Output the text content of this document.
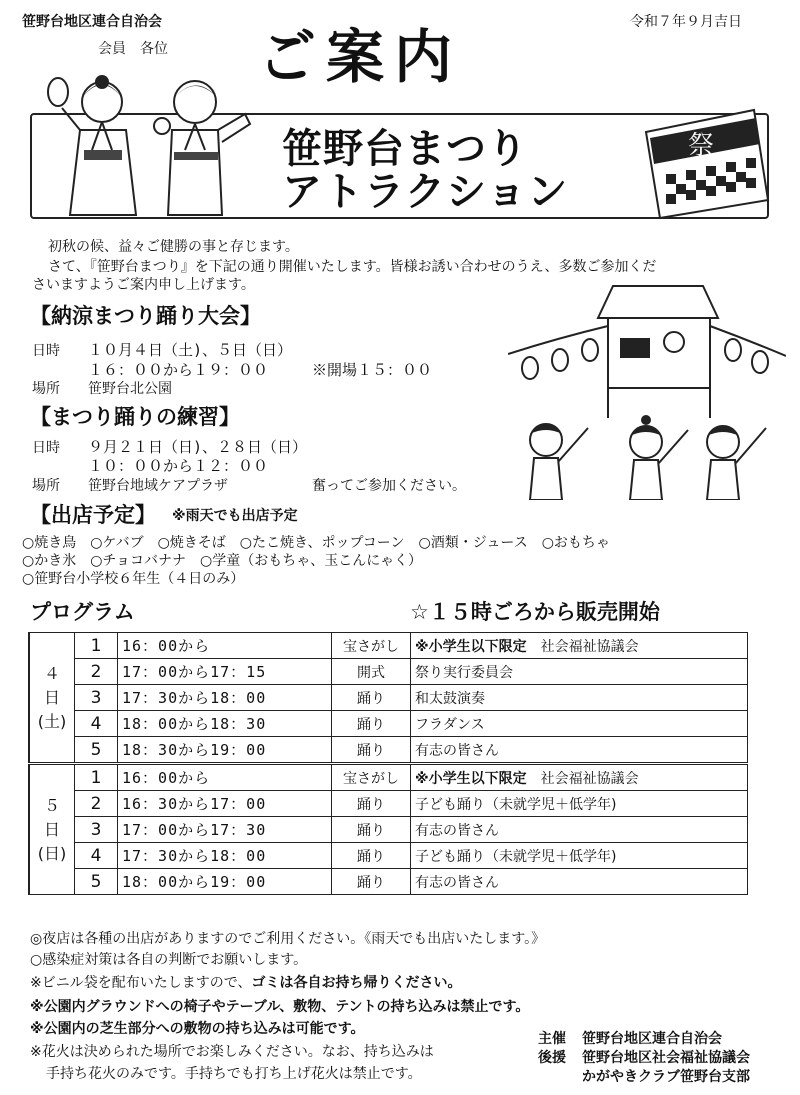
笹野台地区連合自治会
会員　各位
令和７年９月吉日
ご案内
笹野台まつり
アトラクション
祭
初秋の候、益々ご健勝の事と存じます。
さて、『笹野台まつり』を下記の通り開催いたします。皆様お誘い合わせのうえ、多数ご参加くだ
さいますようご案内申し上げます。
【納涼まつり踊り大会】
日時 １０月４日（土)、５日（日）
１６：００から１９：００	※開場１５：００
場所 笹野台北公園
【まつり踊りの練習】
日時 ９月２１日（日)、２８日（日）
１０：００から１２：００
場所 笹野台地域ケアプラザ	奮ってご参加ください。
【出店予定】 ※雨天でも出店予定
○焼き鳥　○ケバブ　○焼きそば　○たこ焼き、ポップコーン　○酒類・ジュース　○おもちゃ
○かき氷　○チョコバナナ　○学童（おもちゃ、玉こんにゃく）
○笹野台小学校６年生（４日のみ）
プログラム	☆１５時ごろから販売開始
４
日
(土)	1	16：00から	宝さがし	※小学生以下限定　 社会福祉協議会
	2	17：00から17：15	開式	祭り実行委員会
	3	17：30から18：00	踊り	和太鼓演奏
	4	18：00から18：30	踊り	フラダンス
	5	18：30から19：00	踊り	有志の皆さん

５
日
(日)	1	16：00から	宝さがし	※小学生以下限定　 社会福祉協議会
	2	16：30から17：00	踊り	子ども踊り（未就学児＋低学年)
	3	17：00から17：30	踊り	有志の皆さん
	4	17：30から18：00	踊り	子ども踊り（未就学児＋低学年)
	5	18：00から19：00	踊り	有志の皆さん
◎夜店は各種の出店がありますのでご利用ください。《雨天でも出店いたします。》
○感染症対策は各自の判断でお願いします。
※ビニル袋を配布いたしますので、ゴミは各自お持ち帰りください。
※公園内グラウンドへの椅子やテーブル、敷物、テントの持ち込みは禁止です。
※公園内の芝生部分への敷物の持ち込みは可能です。
※花火は決められた場所でお楽しみください。なお、持ち込みは
手持ち花火のみです。手持ちでも打ち上げ花火は禁止です。
主催 笹野台地区連合自治会
後援 笹野台地区社会福祉協議会
かがやきクラブ笹野台支部
